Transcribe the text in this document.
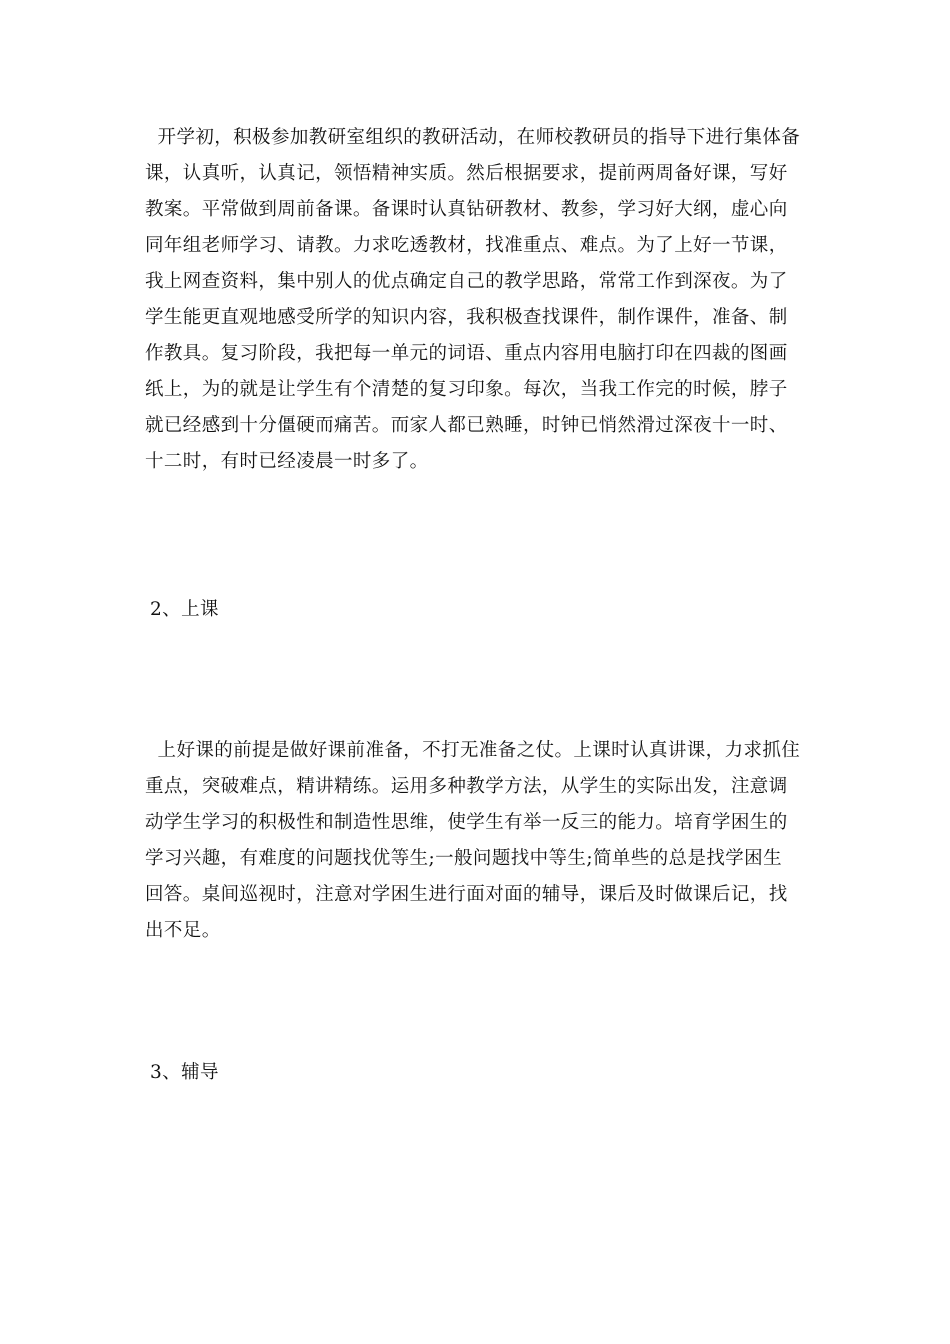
开学初，积极参加教研室组织的教研活动，在师校教研员的指导下进行集体备
课，认真听，认真记，领悟精神实质。然后根据要求，提前两周备好课，写好
教案。平常做到周前备课。备课时认真钻研教材、教参，学习好大纲，虚心向
同年组老师学习、请教。力求吃透教材，找准重点、难点。为了上好一节课，
我上网查资料，集中别人的优点确定自己的教学思路，常常工作到深夜。为了
学生能更直观地感受所学的知识内容，我积极查找课件，制作课件，准备、制
作教具。复习阶段，我把每一单元的词语、重点内容用电脑打印在四裁的图画
纸上，为的就是让学生有个清楚的复习印象。每次，当我工作完的时候，脖子
就已经感到十分僵硬而痛苦。而家人都已熟睡，时钟已悄然滑过深夜十一时、
十二时，有时已经凌晨一时多了。
2、上课
上好课的前提是做好课前准备，不打无准备之仗。上课时认真讲课，力求抓住
重点，突破难点，精讲精练。运用多种教学方法，从学生的实际出发，注意调
动学生学习的积极性和制造性思维，使学生有举一反三的能力。培育学困生的
学习兴趣，有难度的问题找优等生;一般问题找中等生;简单些的总是找学困生
回答。桌间巡视时，注意对学困生进行面对面的辅导，课后及时做课后记，找
出不足。
3、辅导
